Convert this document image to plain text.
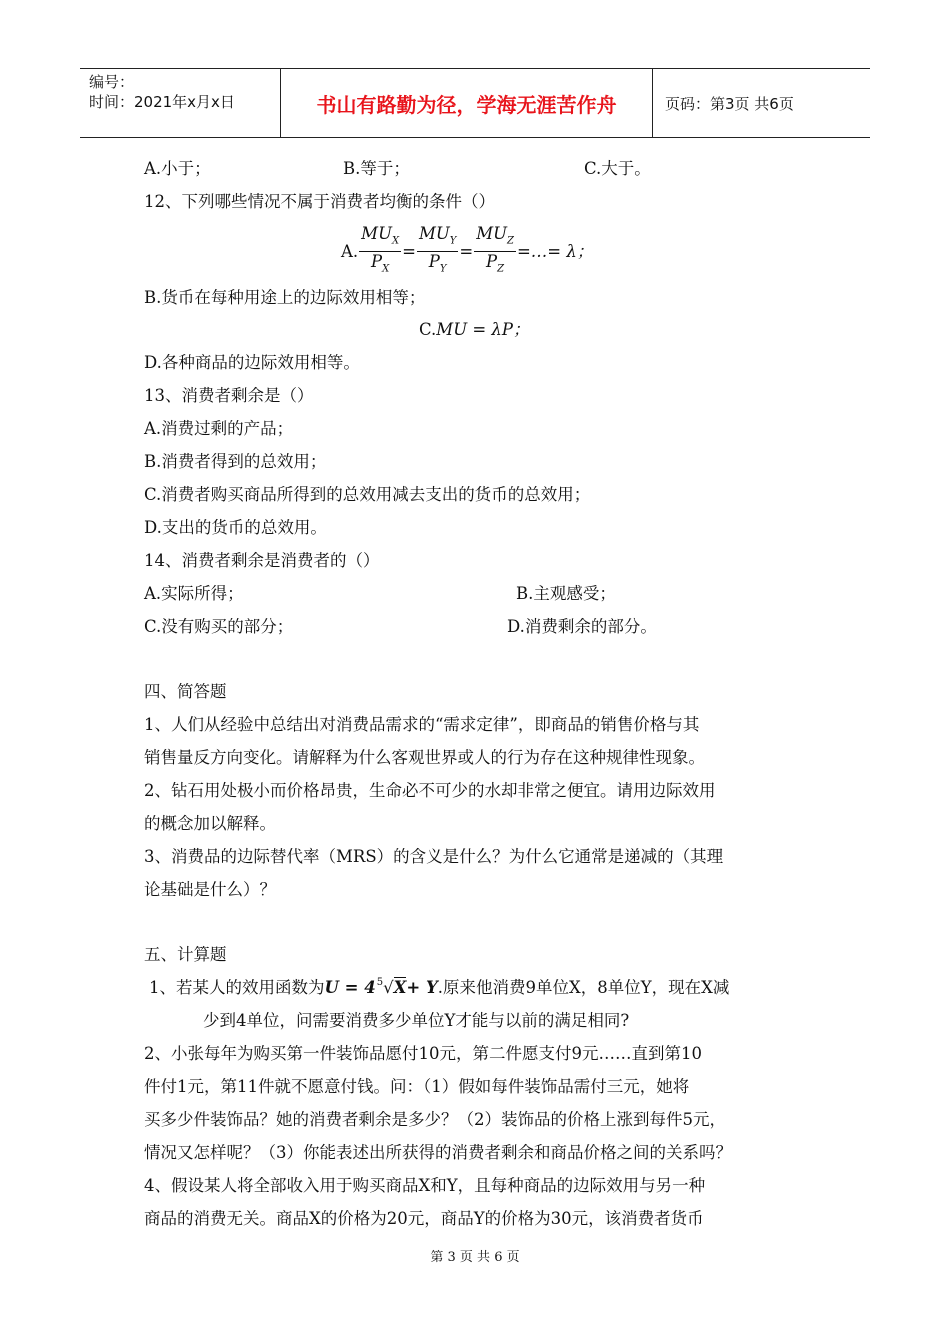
编号：
时间：2021年x月x日	书山有路勤为径，学海无涯苦作舟	页码：第3页 共6页
A.小于；	B.等于；	C.大于。
12、下列哪些情况不属于消费者均衡的条件（）
A. $\frac{MU_X}{P_X} = \frac{MU_Y}{P_Y} = \frac{MU_Z}{P_Z}$ =…= λ；
B.货币在每种用途上的边际效用相等；
C.MU = λP；
D.各种商品的边际效用相等。
13、消费者剩余是（）
A.消费过剩的产品；
B.消费者得到的总效用；
C.消费者购买商品所得到的总效用减去支出的货币的总效用；
D.支出的货币的总效用。
14、消费者剩余是消费者的（）
A.实际所得；	B.主观感受；
C.没有购买的部分；	D.消费剩余的部分。
四、简答题
1、人们从经验中总结出对消费品需求的“需求定律”，即商品的销售价格与其
销售量反方向变化。请解释为什么客观世界或人的行为存在这种规律性现象。
2、钻石用处极小而价格昂贵，生命必不可少的水却非常之便宜。请用边际效用
的概念加以解释。
3、消费品的边际替代率（MRS）的含义是什么？为什么它通常是递减的（其理
论基础是什么）？
五、计算题
1、若某人的效用函数为$U = 4^5√X+ Y$.原来他消费9单位X，8单位Y，现在X减
少到4单位，问需要消费多少单位Y才能与以前的满足相同?
2、小张每年为购买第一件装饰品愿付10元，第二件愿支付9元……直到第10
件付1元，第11件就不愿意付钱。问：（1）假如每件装饰品需付三元，她将
买多少件装饰品？她的消费者剩余是多少？（2）装饰品的价格上涨到每件5元，
情况又怎样呢？（3）你能表述出所获得的消费者剩余和商品价格之间的关系吗？
4、假设某人将全部收入用于购买商品X和Y，且每种商品的边际效用与另一种
商品的消费无关。商品X的价格为20元，商品Y的价格为30元，该消费者货币
第 3 页 共 6 页
